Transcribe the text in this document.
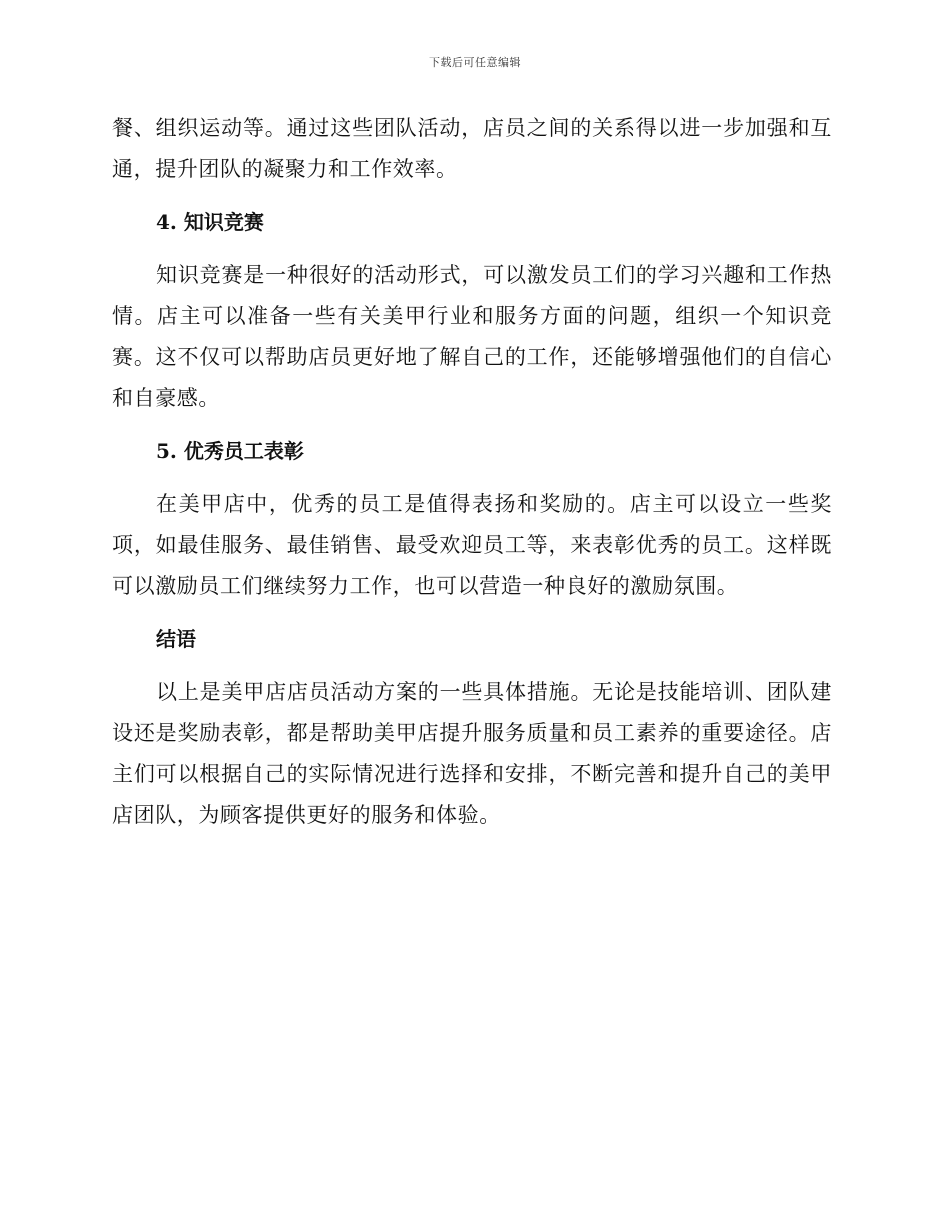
下载后可任意编辑

餐、组织运动等。通过这些团队活动，店员之间的关系得以进一步加强和互通，提升团队的凝聚力和工作效率。

4. 知识竞赛

知识竞赛是一种很好的活动形式，可以激发员工们的学习兴趣和工作热情。店主可以准备一些有关美甲行业和服务方面的问题，组织一个知识竞赛。这不仅可以帮助店员更好地了解自己的工作，还能够增强他们的自信心和自豪感。

5. 优秀员工表彰

在美甲店中，优秀的员工是值得表扬和奖励的。店主可以设立一些奖项，如最佳服务、最佳销售、最受欢迎员工等，来表彰优秀的员工。这样既可以激励员工们继续努力工作，也可以营造一种良好的激励氛围。

结语

以上是美甲店店员活动方案的一些具体措施。无论是技能培训、团队建设还是奖励表彰，都是帮助美甲店提升服务质量和员工素养的重要途径。店主们可以根据自己的实际情况进行选择和安排，不断完善和提升自己的美甲店团队，为顾客提供更好的服务和体验。
